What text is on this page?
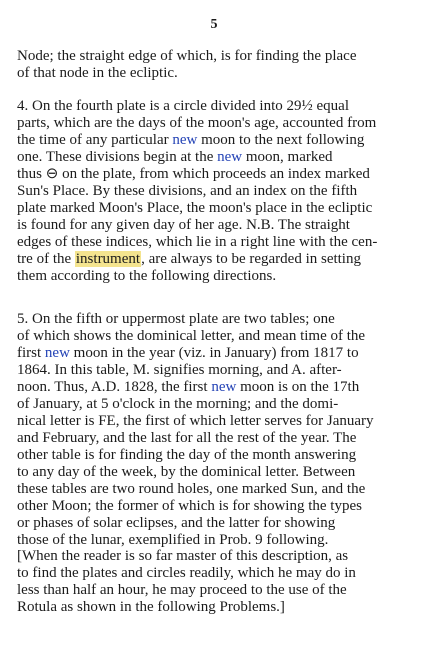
5
Node; the straight edge of which, is for finding the place
of that node in the ecliptic.
4. On the fourth plate is a circle divided into 29½ equal
parts, which are the days of the moon's age, accounted from
the time of any particular new moon to the next following
one. These divisions begin at the new moon, marked
thus ⊖ on the plate, from which proceeds an index marked
Sun's Place. By these divisions, and an index on the fifth
plate marked Moon's Place, the moon's place in the ecliptic
is found for any given day of her age. N.B. The straight
edges of these indices, which lie in a right line with the cen-
tre of the instrument, are always to be regarded in setting
them according to the following directions.
5. On the fifth or uppermost plate are two tables; one
of which shows the dominical letter, and mean time of the
first new moon in the year (viz. in January) from 1817 to
1864. In this table, M. signifies morning, and A. after-
noon. Thus, A.D. 1828, the first new moon is on the 17th
of January, at 5 o'clock in the morning; and the domi-
nical letter is FE, the first of which letter serves for January
and February, and the last for all the rest of the year. The
other table is for finding the day of the month answering
to any day of the week, by the dominical letter. Between
these tables are two round holes, one marked Sun, and the
other Moon; the former of which is for showing the types
or phases of solar eclipses, and the latter for showing
those of the lunar, exemplified in Prob. 9 following.
[When the reader is so far master of this description, as
to find the plates and circles readily, which he may do in
less than half an hour, he may proceed to the use of the
Rotula as shown in the following Problems.]
